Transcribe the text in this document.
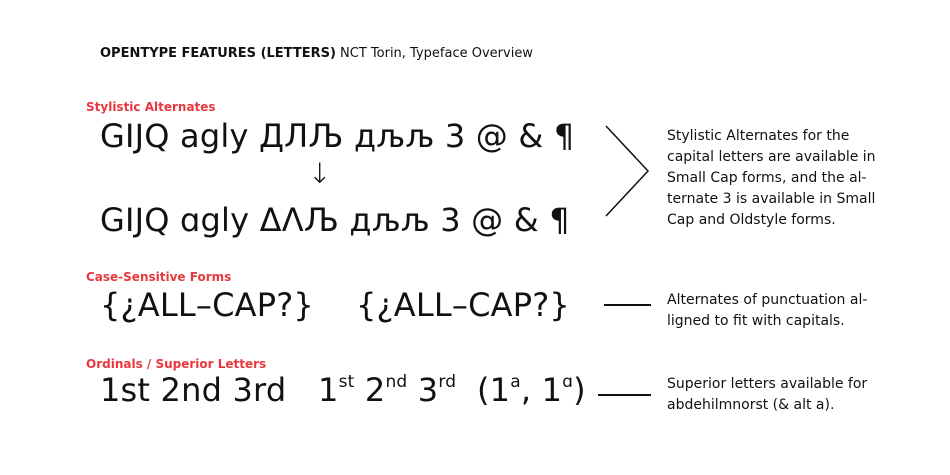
OPENTYPE FEATURES (LETTERS) NCT Torin, Typeface Overview
Stylistic Alternates
GIJQ agly ДЛЉ дљљ 3 @ & ¶
↓
GIJQ ɑgly ΔΛЉ дљљ 3 @ & ¶
Stylistic Alternates for the capital letters are available in Small Cap forms, and the al-ternate 3 is available in Small Cap and Oldstyle forms.
Case-Sensitive Forms
{¿ALL–CAP?} {¿ALL–CAP?}	Alternates of punctuation al-ligned to fit with capitals.
Ordinals / Superior Letters
1st 2nd 3rd 1st 2nd 3rd (1$^a$, $1^ɑ$)	Superior letters available for abdehilmnorst (& alt a).
